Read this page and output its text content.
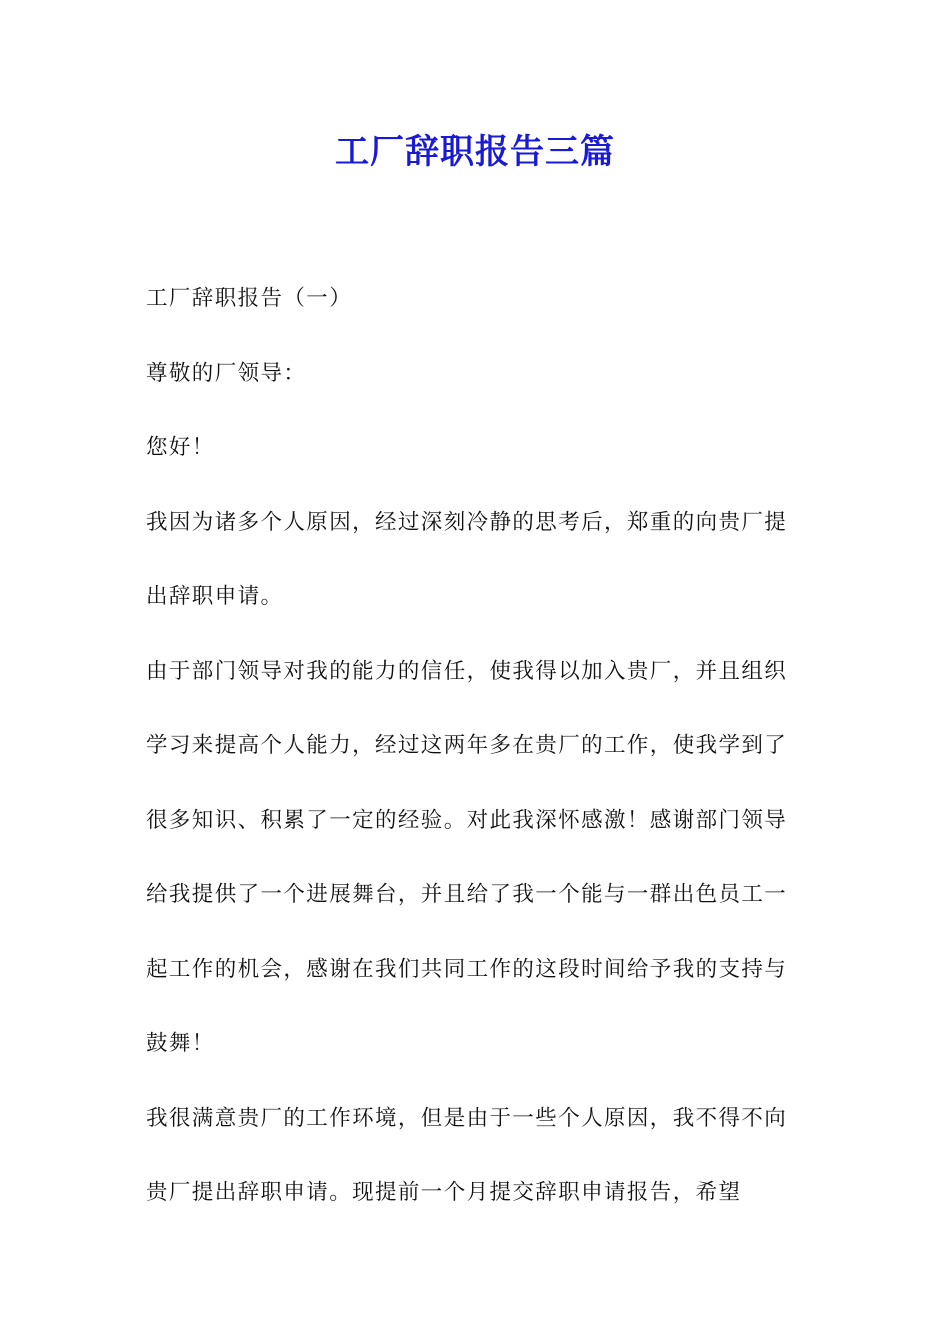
工厂辞职报告三篇

工厂辞职报告（一）

尊敬的厂领导：

您好！

我因为诸多个人原因，经过深刻冷静的思考后，郑重的向贵厂提出辞职申请。

由于部门领导对我的能力的信任，使我得以加入贵厂，并且组织学习来提高个人能力，经过这两年多在贵厂的工作，使我学到了很多知识、积累了一定的经验。对此我深怀感激！感谢部门领导给我提供了一个进展舞台，并且给了我一个能与一群出色员工一起工作的机会，感谢在我们共同工作的这段时间给予我的支持与鼓舞！

我很满意贵厂的工作环境，但是由于一些个人原因，我不得不向贵厂提出辞职申请。现提前一个月提交辞职申请报告，希望
